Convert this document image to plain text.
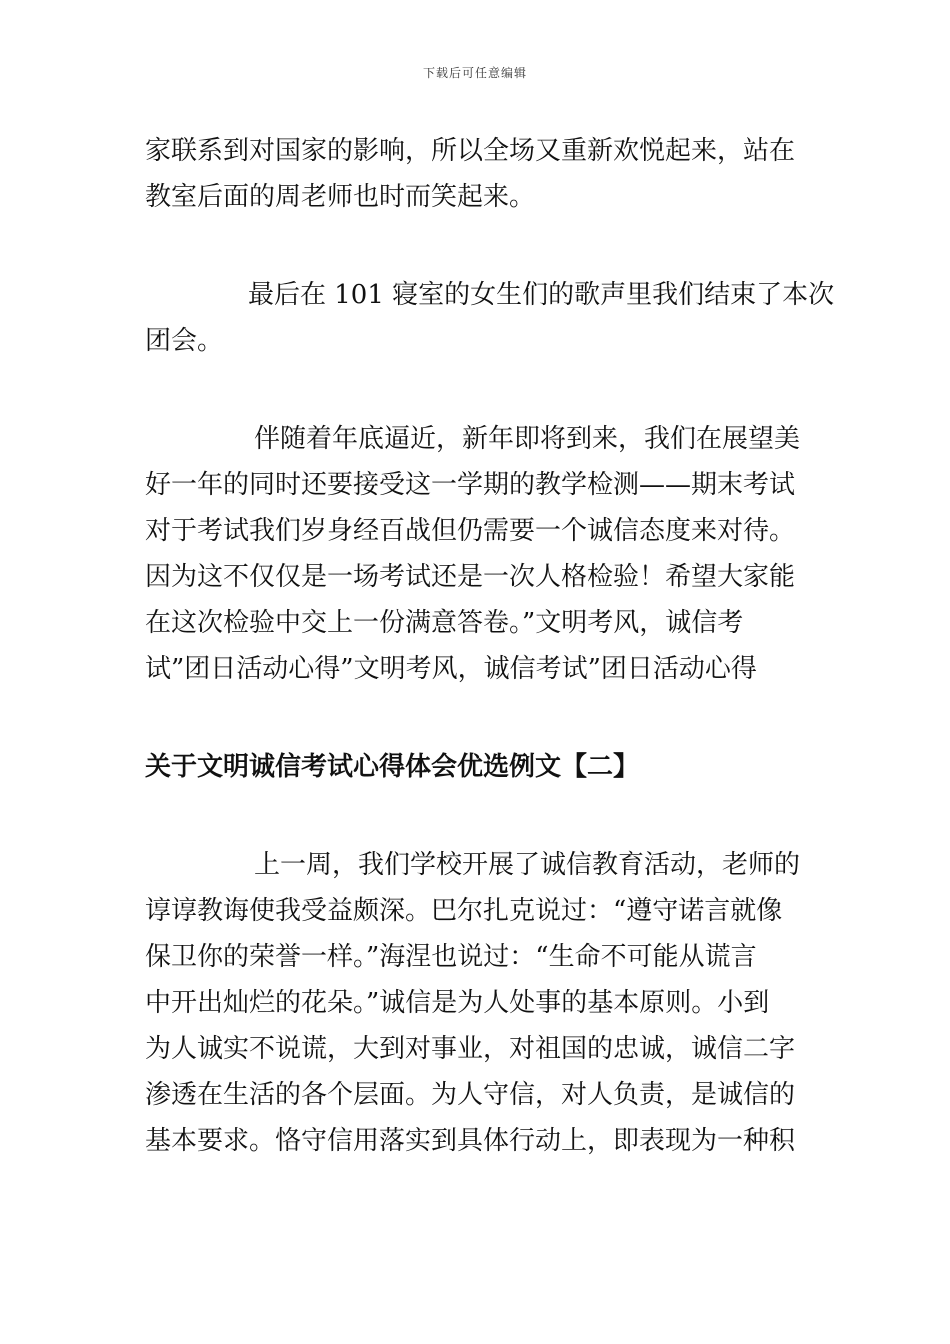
下载后可任意编辑

家联系到对国家的影响，所以全场又重新欢悦起来，站在
教室后面的周老师也时而笑起来。

最后在 101 寝室的女生们的歌声里我们结束了本次
团会。

伴随着年底逼近，新年即将到来，我们在展望美
好一年的同时还要接受这一学期的教学检测——期末考试
对于考试我们岁身经百战但仍需要一个诚信态度来对待。
因为这不仅仅是一场考试还是一次人格检验！希望大家能
在这次检验中交上一份满意答卷。”文明考风，诚信考
试”团日活动心得”文明考风，诚信考试”团日活动心得

关于文明诚信考试心得体会优选例文【二】

上一周，我们学校开展了诚信教育活动，老师的
谆谆教诲使我受益颇深。巴尔扎克说过：“遵守诺言就像
保卫你的荣誉一样。”海涅也说过：“生命不可能从谎言
中开出灿烂的花朵。”诚信是为人处事的基本原则。小到
为人诚实不说谎，大到对事业，对祖国的忠诚，诚信二字
渗透在生活的各个层面。为人守信，对人负责，是诚信的
基本要求。恪守信用落实到具体行动上，即表现为一种积
